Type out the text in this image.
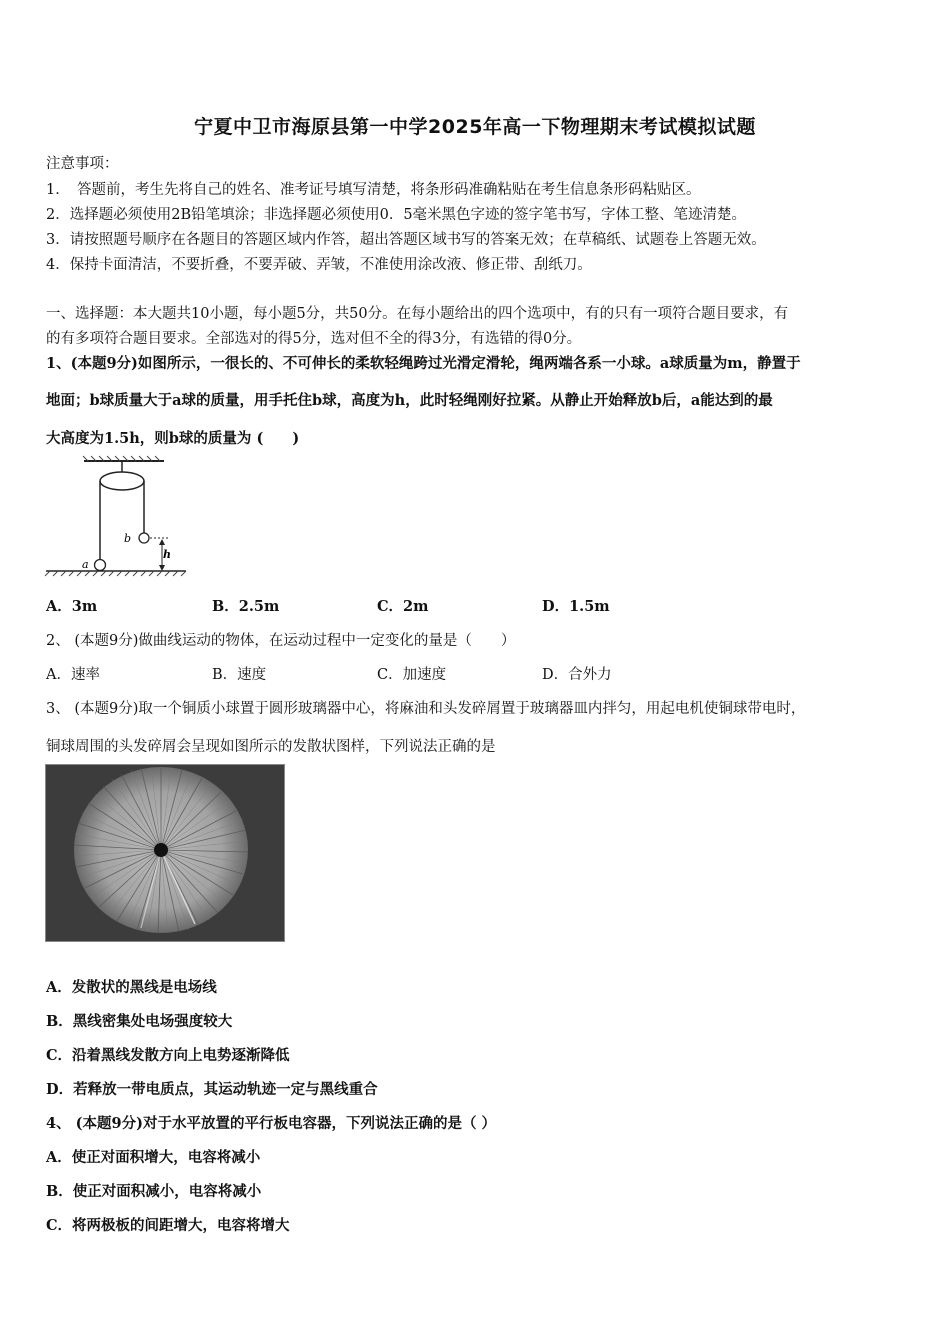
宁夏中卫市海原县第一中学2025年高一下物理期末考试模拟试题
注意事项：
1．　答题前，考生先将自己的姓名、准考证号填写清楚，将条形码准确粘贴在考生信息条形码粘贴区。
2．选择题必须使用2B铅笔填涂；非选择题必须使用0．5毫米黑色字迹的签字笔书写，字体工整、笔迹清楚。
3．请按照题号顺序在各题目的答题区域内作答，超出答题区域书写的答案无效；在草稿纸、试题卷上答题无效。
4．保持卡面清洁，不要折叠，不要弄破、弄皱，不准使用涂改液、修正带、刮纸刀。
一、选择题：本大题共10小题，每小题5分，共50分。在每小题给出的四个选项中，有的只有一项符合题目要求，有
的有多项符合题目要求。全部选对的得5分，选对但不全的得3分，有选错的得0分。
1、(本题9分)如图所示，一很长的、不可伸长的柔软轻绳跨过光滑定滑轮，绳两端各系一小球。a球质量为m，静置于
地面；b球质量大于a球的质量，用手托住b球，高度为h，此时轻绳刚好拉紧。从静止开始释放b后，a能达到的最
大高度为1.5h，则b球的质量为 (　　)
b
a
h
A．3m	B．2.5m	C．2m	D．1.5m
2、 (本题9分)做曲线运动的物体，在运动过程中一定变化的量是（　　）
A．速率	B．速度	C．加速度	D．合外力
3、 (本题9分)取一个铜质小球置于圆形玻璃器中心，将麻油和头发碎屑置于玻璃器皿内拌匀，用起电机使铜球带电时，
铜球周围的头发碎屑会呈现如图所示的发散状图样，下列说法正确的是
A．发散状的黑线是电场线
B．黑线密集处电场强度较大
C．沿着黑线发散方向上电势逐渐降低
D．若释放一带电质点，其运动轨迹一定与黑线重合
4、 (本题9分)对于水平放置的平行板电容器，下列说法正确的是（ ）
A．使正对面积增大，电容将减小
B．使正对面积减小，电容将减小
C．将两极板的间距增大，电容将增大
